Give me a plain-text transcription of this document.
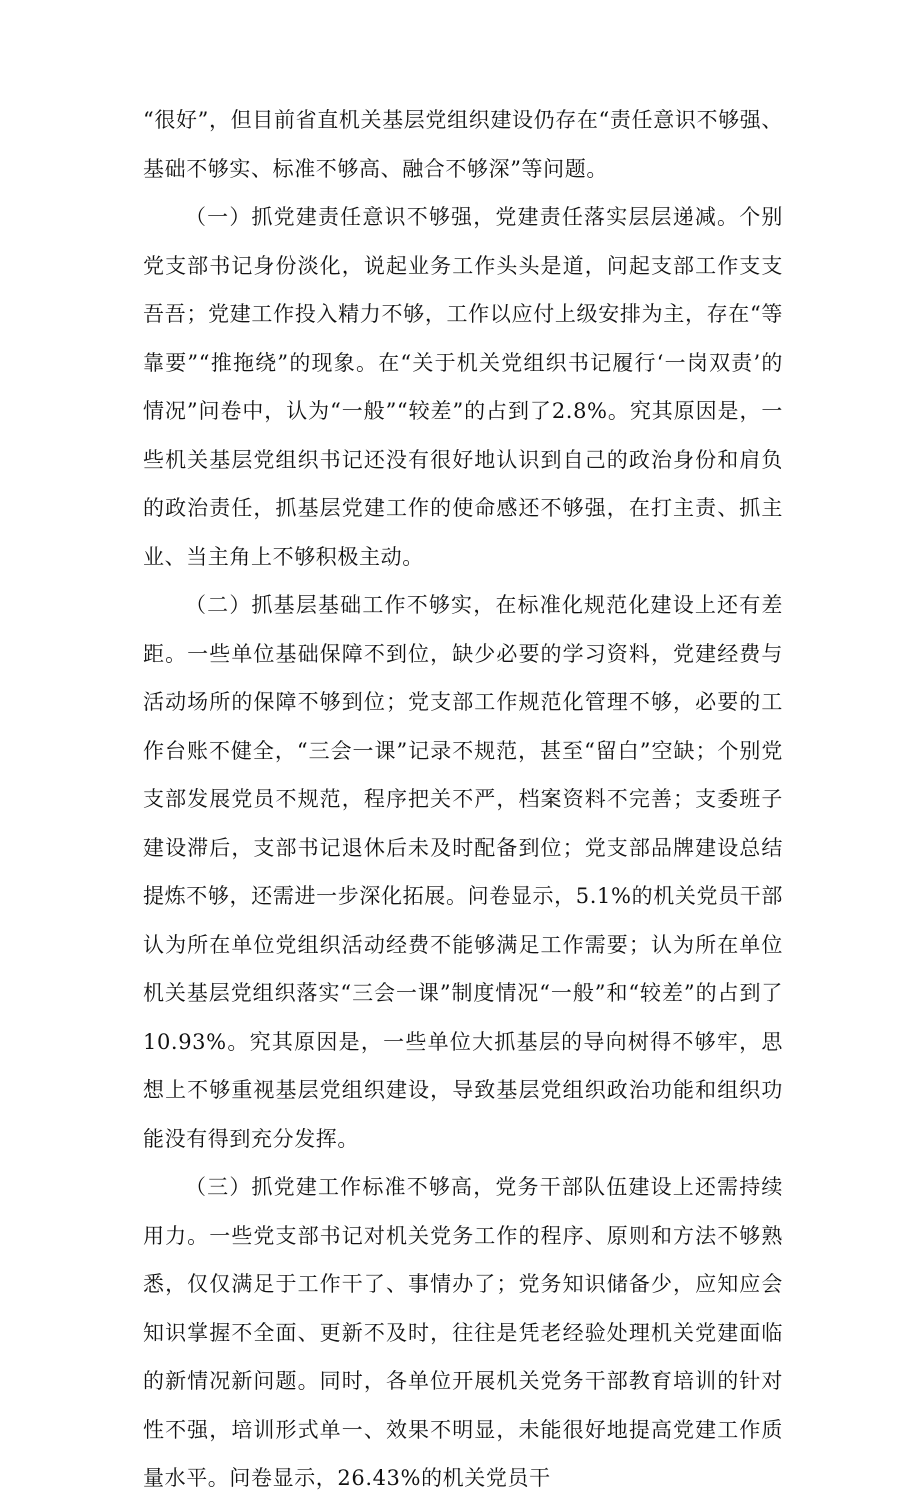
“很好”，但目前省直机关基层党组织建设仍存在“责任意识不够强、基础不够实、标准不够高、融合不够深”等问题。

（一）抓党建责任意识不够强，党建责任落实层层递减。个别党支部书记身份淡化，说起业务工作头头是道，问起支部工作支支吾吾；党建工作投入精力不够，工作以应付上级安排为主，存在“等靠要”“推拖绕”的现象。在“关于机关党组织书记履行‘一岗双责’的情况”问卷中，认为“一般”“较差”的占到了2.8%。究其原因是，一些机关基层党组织书记还没有很好地认识到自己的政治身份和肩负的政治责任，抓基层党建工作的使命感还不够强，在打主责、抓主业、当主角上不够积极主动。

（二）抓基层基础工作不够实，在标准化规范化建设上还有差距。一些单位基础保障不到位，缺少必要的学习资料，党建经费与活动场所的保障不够到位；党支部工作规范化管理不够，必要的工作台账不健全，“三会一课”记录不规范，甚至“留白”空缺；个别党支部发展党员不规范，程序把关不严，档案资料不完善；支委班子建设滞后，支部书记退休后未及时配备到位；党支部品牌建设总结提炼不够，还需进一步深化拓展。问卷显示，5.1%的机关党员干部认为所在单位党组织活动经费不能够满足工作需要；认为所在单位机关基层党组织落实“三会一课”制度情况“一般”和“较差”的占到了10.93%。究其原因是，一些单位大抓基层的导向树得不够牢，思想上不够重视基层党组织建设，导致基层党组织政治功能和组织功能没有得到充分发挥。

（三）抓党建工作标准不够高，党务干部队伍建设上还需持续用力。一些党支部书记对机关党务工作的程序、原则和方法不够熟悉，仅仅满足于工作干了、事情办了；党务知识储备少，应知应会知识掌握不全面、更新不及时，往往是凭老经验处理机关党建面临的新情况新问题。同时，各单位开展机关党务干部教育培训的针对性不强，培训形式单一、效果不明显，未能很好地提高党建工作质量水平。问卷显示，26.43%的机关党员干
